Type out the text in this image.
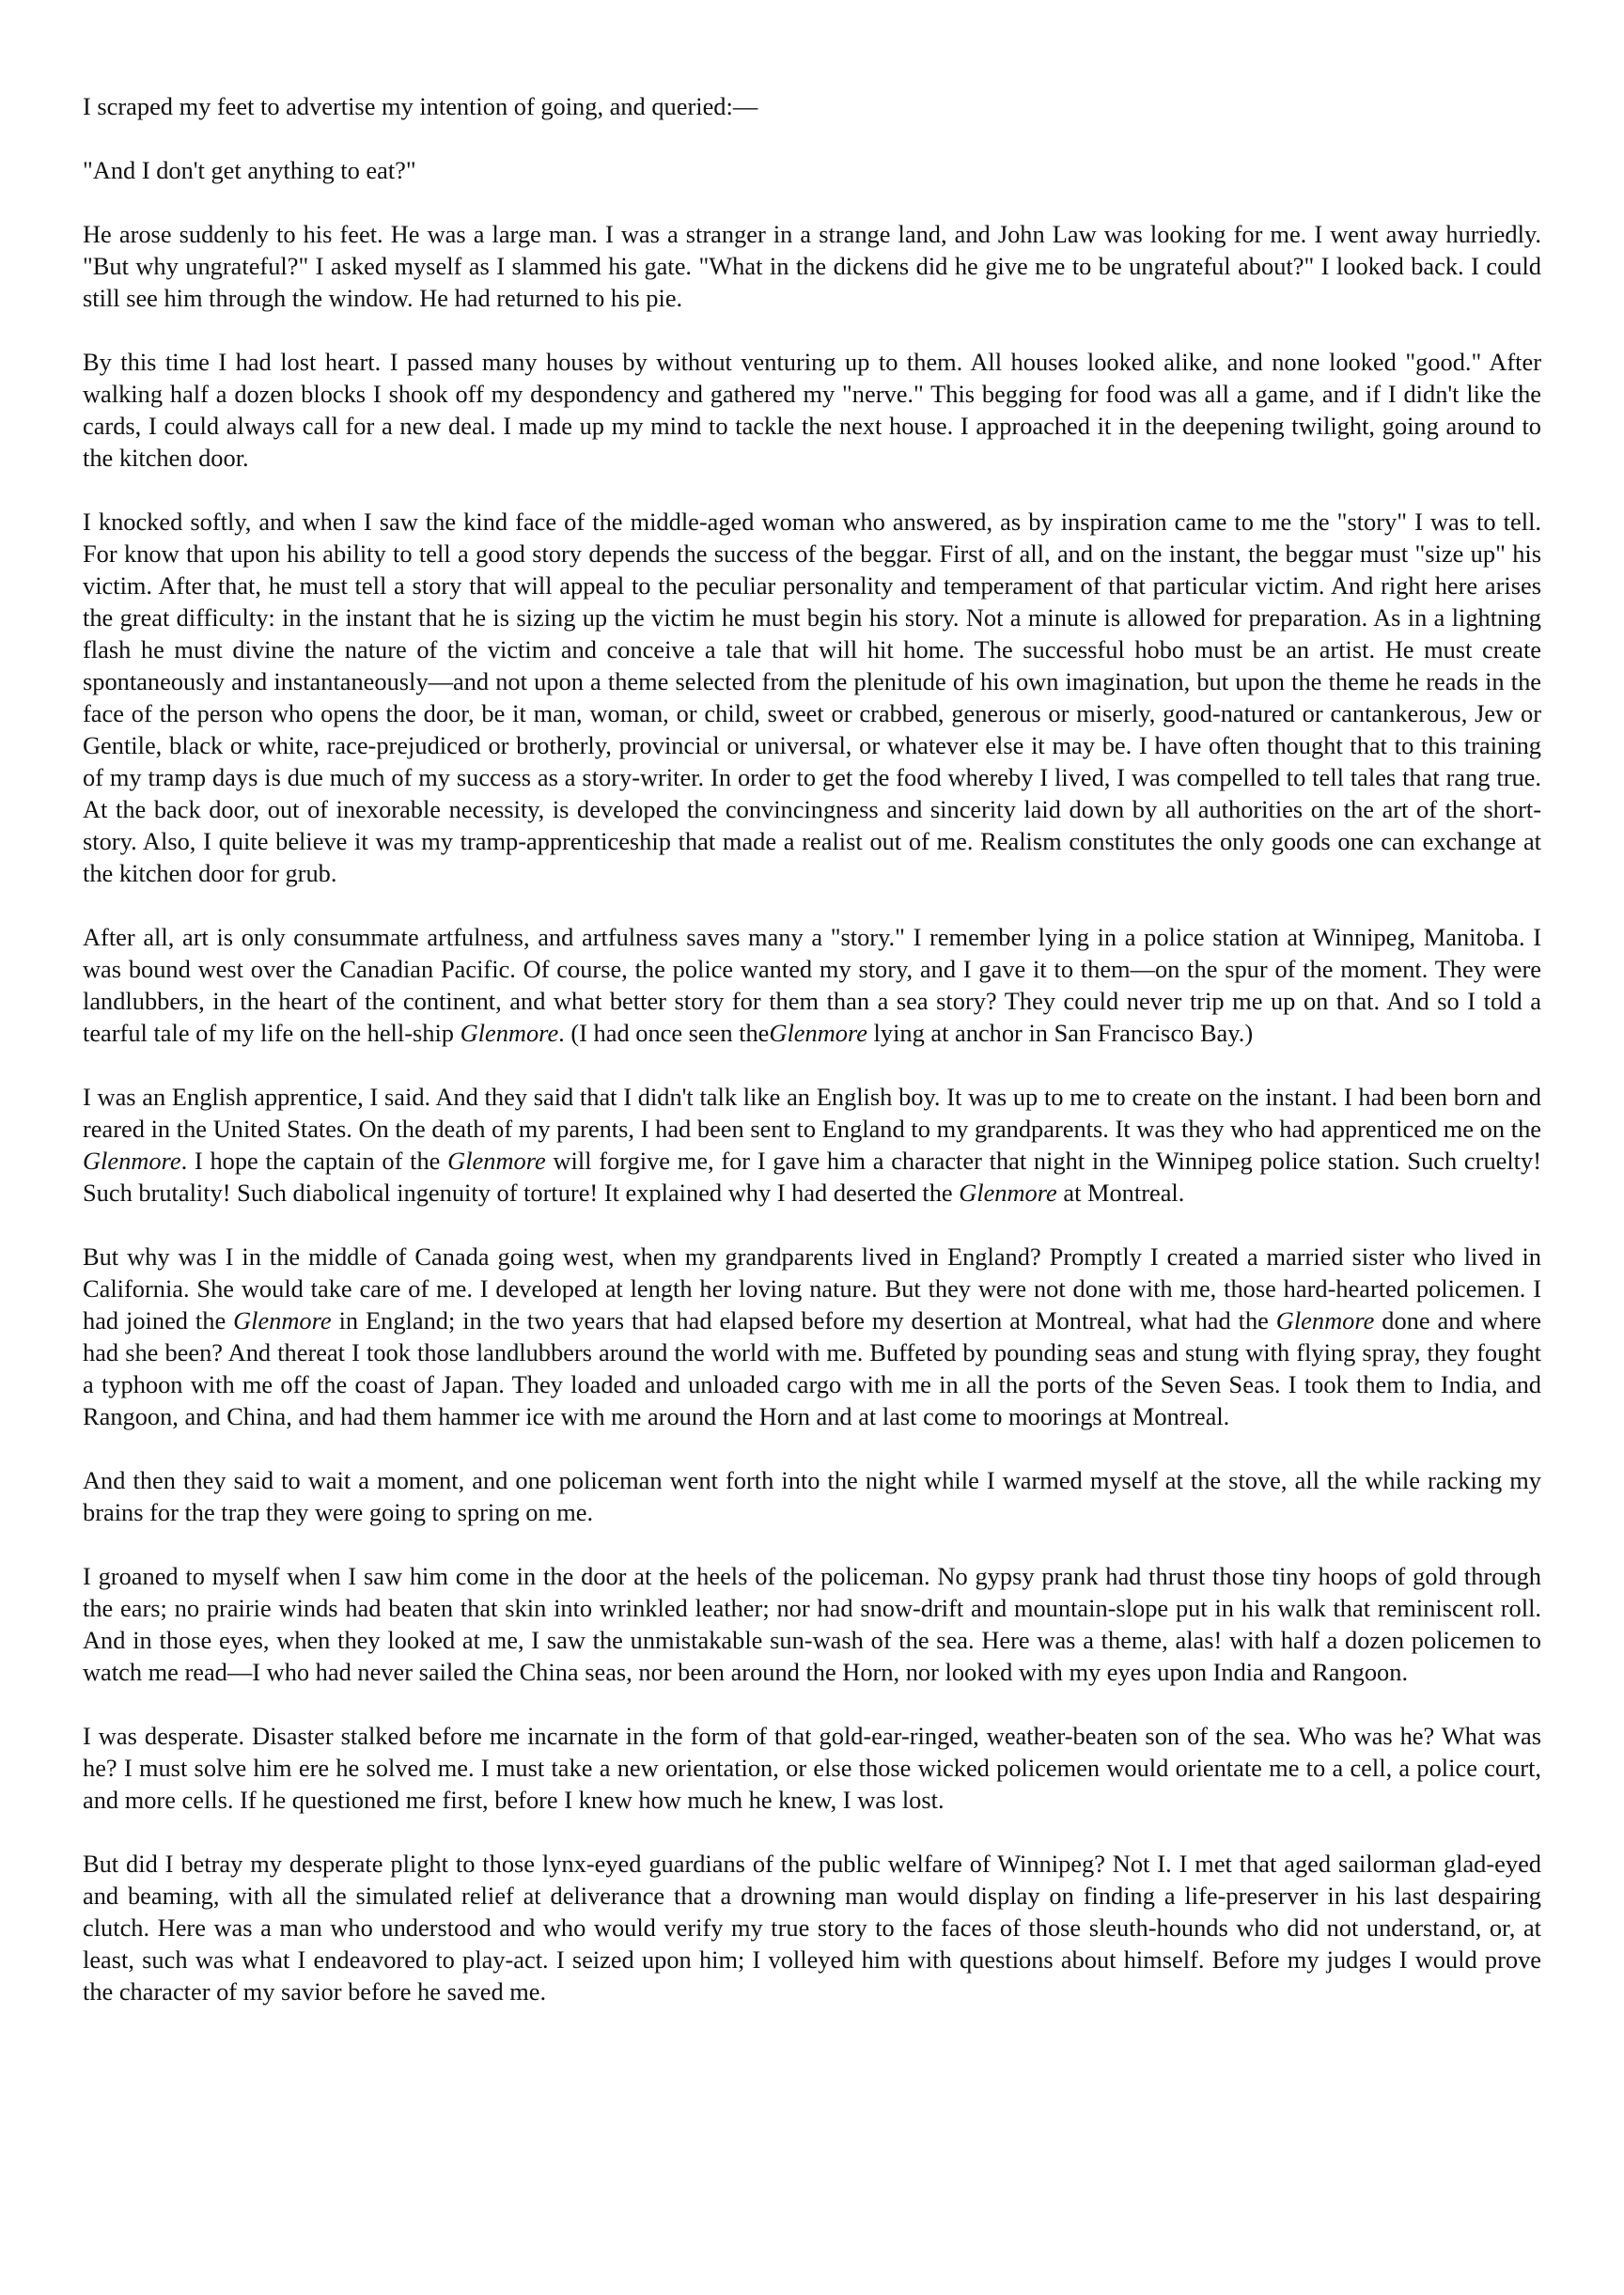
I scraped my feet to advertise my intention of going, and queried:—

"And I don't get anything to eat?"

He arose suddenly to his feet. He was a large man. I was a stranger in a strange land, and John Law was looking for me. I went away hurriedly. "But why ungrateful?" I asked myself as I slammed his gate. "What in the dickens did he give me to be ungrateful about?" I looked back. I could still see him through the window. He had returned to his pie.

By this time I had lost heart. I passed many houses by without venturing up to them. All houses looked alike, and none looked "good." After walking half a dozen blocks I shook off my despondency and gathered my "nerve." This begging for food was all a game, and if I didn't like the cards, I could always call for a new deal. I made up my mind to tackle the next house. I approached it in the deepening twilight, going around to the kitchen door.

I knocked softly, and when I saw the kind face of the middle-aged woman who answered, as by inspiration came to me the "story" I was to tell. For know that upon his ability to tell a good story depends the success of the beggar. First of all, and on the instant, the beggar must "size up" his victim. After that, he must tell a story that will appeal to the peculiar personality and temperament of that particular victim. And right here arises the great difficulty: in the instant that he is sizing up the victim he must begin his story. Not a minute is allowed for preparation. As in a lightning flash he must divine the nature of the victim and conceive a tale that will hit home. The successful hobo must be an artist. He must create spontaneously and instantaneously—and not upon a theme selected from the plenitude of his own imagination, but upon the theme he reads in the face of the person who opens the door, be it man, woman, or child, sweet or crabbed, generous or miserly, good-natured or cantankerous, Jew or Gentile, black or white, race-prejudiced or brotherly, provincial or universal, or whatever else it may be. I have often thought that to this training of my tramp days is due much of my success as a story-writer. In order to get the food whereby I lived, I was compelled to tell tales that rang true. At the back door, out of inexorable necessity, is developed the convincingness and sincerity laid down by all authorities on the art of the short-story. Also, I quite believe it was my tramp-apprenticeship that made a realist out of me. Realism constitutes the only goods one can exchange at the kitchen door for grub.

After all, art is only consummate artfulness, and artfulness saves many a "story." I remember lying in a police station at Winnipeg, Manitoba. I was bound west over the Canadian Pacific. Of course, the police wanted my story, and I gave it to them—on the spur of the moment. They were landlubbers, in the heart of the continent, and what better story for them than a sea story? They could never trip me up on that. And so I told a tearful tale of my life on the hell-ship Glenmore. (I had once seen theGlenmore lying at anchor in San Francisco Bay.)

I was an English apprentice, I said. And they said that I didn't talk like an English boy. It was up to me to create on the instant. I had been born and reared in the United States. On the death of my parents, I had been sent to England to my grandparents. It was they who had apprenticed me on the Glenmore. I hope the captain of the Glenmore will forgive me, for I gave him a character that night in the Winnipeg police station. Such cruelty! Such brutality! Such diabolical ingenuity of torture! It explained why I had deserted the Glenmore at Montreal.

But why was I in the middle of Canada going west, when my grandparents lived in England? Promptly I created a married sister who lived in California. She would take care of me. I developed at length her loving nature. But they were not done with me, those hard-hearted policemen. I had joined the Glenmore in England; in the two years that had elapsed before my desertion at Montreal, what had the Glenmore done and where had she been? And thereat I took those landlubbers around the world with me. Buffeted by pounding seas and stung with flying spray, they fought a typhoon with me off the coast of Japan. They loaded and unloaded cargo with me in all the ports of the Seven Seas. I took them to India, and Rangoon, and China, and had them hammer ice with me around the Horn and at last come to moorings at Montreal.

And then they said to wait a moment, and one policeman went forth into the night while I warmed myself at the stove, all the while racking my brains for the trap they were going to spring on me.

I groaned to myself when I saw him come in the door at the heels of the policeman. No gypsy prank had thrust those tiny hoops of gold through the ears; no prairie winds had beaten that skin into wrinkled leather; nor had snow-drift and mountain-slope put in his walk that reminiscent roll. And in those eyes, when they looked at me, I saw the unmistakable sun-wash of the sea. Here was a theme, alas! with half a dozen policemen to watch me read—I who had never sailed the China seas, nor been around the Horn, nor looked with my eyes upon India and Rangoon.

I was desperate. Disaster stalked before me incarnate in the form of that gold-ear-ringed, weather-beaten son of the sea. Who was he? What was he? I must solve him ere he solved me. I must take a new orientation, or else those wicked policemen would orientate me to a cell, a police court, and more cells. If he questioned me first, before I knew how much he knew, I was lost.

But did I betray my desperate plight to those lynx-eyed guardians of the public welfare of Winnipeg? Not I. I met that aged sailorman glad-eyed and beaming, with all the simulated relief at deliverance that a drowning man would display on finding a life-preserver in his last despairing clutch. Here was a man who understood and who would verify my true story to the faces of those sleuth-hounds who did not understand, or, at least, such was what I endeavored to play-act. I seized upon him; I volleyed him with questions about himself. Before my judges I would prove the character of my savior before he saved me.
